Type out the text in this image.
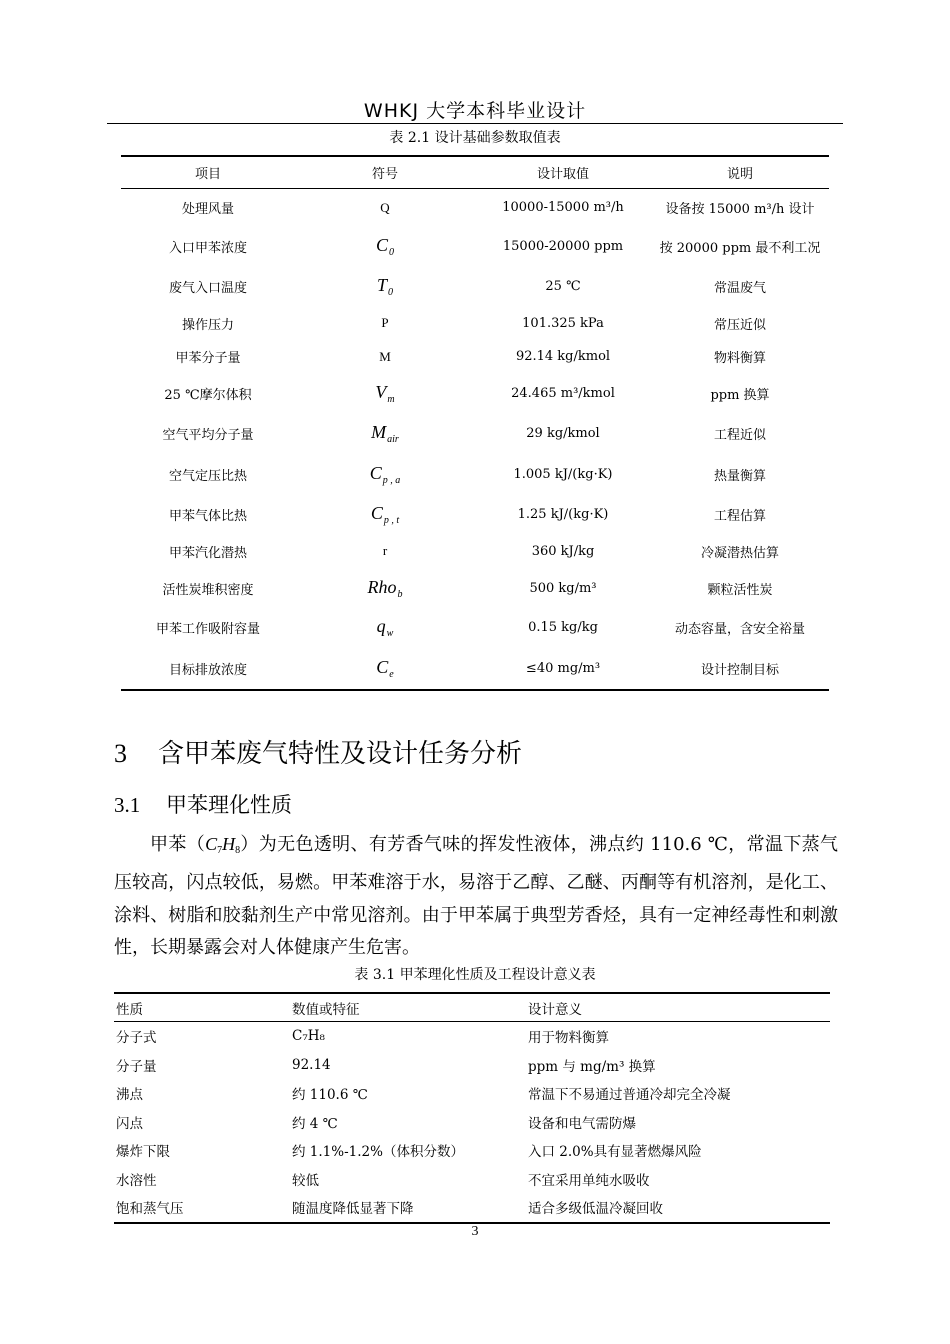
WHKJ 大学本科毕业设计
表 2.1 设计基础参数取值表
项目	符号	设计取值	说明
处理风量	Q	10000-15000 m³/h	设备按 15000 m³/h 设计
入口甲苯浓度	$C_0$	15000-20000 ppm	按 20000 ppm 最不利工况
废气入口温度	$T_0$	25 ℃	常温废气
操作压力	P	101.325 kPa	常压近似
甲苯分子量	M	92.14 kg/kmol	物料衡算
25 ℃摩尔体积	$V_m$	24.465 m³/kmol	ppm 换算
空气平均分子量	$M_{air}$	29 kg/kmol	工程近似
空气定压比热	$C_{p , a}$	1.005 kJ/(kg·K)	热量衡算
甲苯气体比热	$C_{p , t}$	1.25 kJ/(kg·K)	工程估算
甲苯汽化潜热	r	360 kJ/kg	冷凝潜热估算
活性炭堆积密度	Rho$_b$	500 kg/m³	颗粒活性炭
甲苯工作吸附容量	$q_w$	0.15 kg/kg	动态容量，含安全裕量
目标排放浓度	$C_e$	≤40 mg/m³	设计控制目标
3 含甲苯废气特性及设计任务分析
3.1 甲苯理化性质
甲苯$(C_7H_8)$为无色透明、有芳香气味的挥发性液体，沸点约 110.6 ℃，常温下蒸气压较高，闪点较低，易燃。甲苯难溶于水，易溶于乙醇、乙醚、丙酮等有机溶剂，是化工、涂料、树脂和胶黏剂生产中常见溶剂。由于甲苯属于典型芳香烃，具有一定神经毒性和刺激性，长期暴露会对人体健康产生危害。
表 3.1 甲苯理化性质及工程设计意义表
性质	数值或特征	设计意义
分子式	C₇H₈	用于物料衡算
分子量	92.14	ppm 与 mg/m³ 换算
沸点	约 110.6 ℃	常温下不易通过普通冷却完全冷凝
闪点	约 4 ℃	设备和电气需防爆
爆炸下限	约 1.1%-1.2%（体积分数）	入口 2.0%具有显著燃爆风险
水溶性	较低	不宜采用单纯水吸收
饱和蒸气压	随温度降低显著下降	适合多级低温冷凝回收
3
